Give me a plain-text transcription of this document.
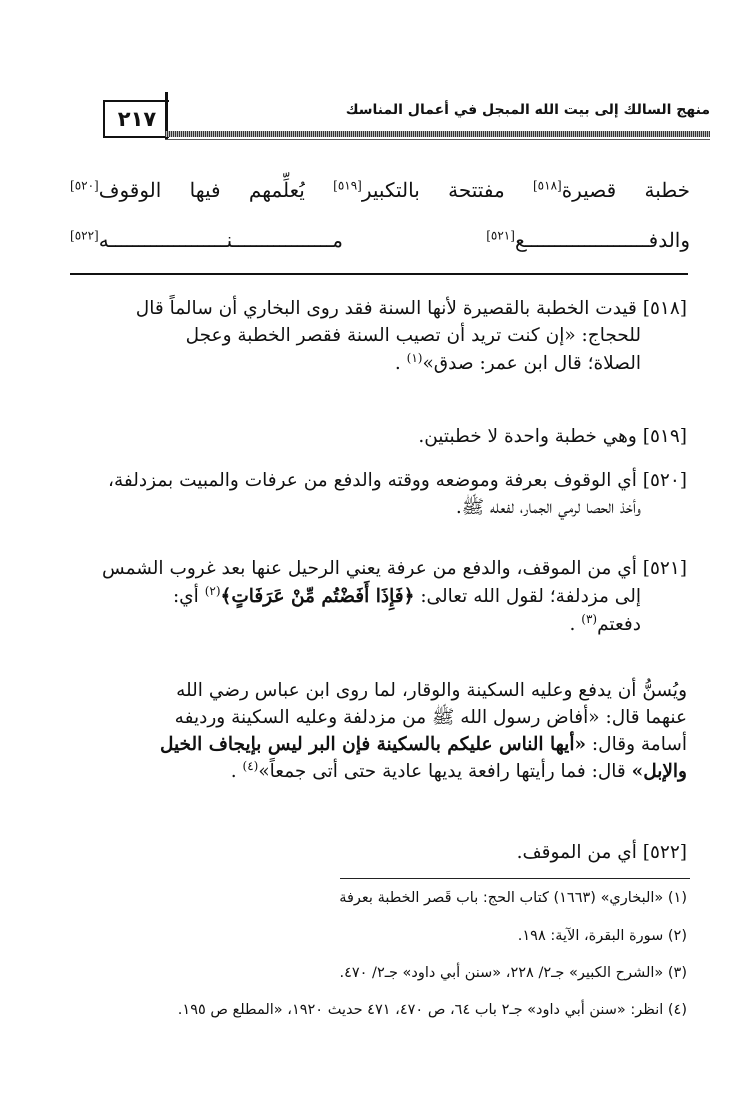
منهج السالك إلى بيت الله المبجل في أعمال المناسك
٢١٧
خطبة قصيرة[٥١٨] مفتتحة بالتكبير[٥١٩] يُعلِّمهم فيها الوقوف[٥٢٠]
والدفـــــــــــــــــــــع[٥٢١]
مـــــــــــــــــنــــــــــــــــــــه[٥٢٢]

[٥١٨] قيدت الخطبة بالقصيرة لأنها السنة فقد روى البخاري أن سالماً قال

للحجاج: «إن كنت تريد أن تصيب السنة فقصر الخطبة وعجل

الصلاة؛ قال ابن عمر: صدق»$^{(١)}$ .

[٥١٩] وهي خطبة واحدة لا خطبتين.

[٥٢٠] أي الوقوف بعرفة وموضعه ووقته والدفع من عرفات والمبيت بمزدلفة،

وأخذ الحصا لرمي الجمار، لفعله ﷺ.

[٥٢١] أي من الموقف، والدفع من عرفة يعني الرحيل عنها بعد غروب الشمس

إلى مزدلفة؛ لقول الله تعالى: ﴿فَإِذَا أَفَضْتُم مِّنْ عَرَفَاتٍ﴾$^{(٢)}$ أي:

دفعتم$^{(٣)}$ .

ويُسنُّ أن يدفع وعليه السكينة والوقار، لما روى ابن عباس رضي الله

عنهما قال: «أفاض رسول الله ﷺ من مزدلفة وعليه السكينة وردیفه

أسامة وقال: «أيها الناس عليكم بالسكينة فإن البر ليس بإيجاف الخيل

والإبل» قال: فما رأيتها رافعة يديها عادية حتى أتى جمعاً»$^{(٤)}$ .

[٥٢٢] أي من الموقف.

(١) «البخاري» (١٦٦٣) كتاب الحج: باب قَصر الخطبة بعرفة
(٢) سورة البقرة، الآية: ١٩٨.
(٣) «الشرح الكبير» جـ٢/ ٢٢٨، «سنن أبي داود» جـ٢/ ٤٧٠.
(٤) انظر: «سنن أبي داود» جـ٢ باب ٦٤، ص ٤٧٠، ٤٧١ حديث ١٩٢٠، «المطلع ص ١٩٥.
